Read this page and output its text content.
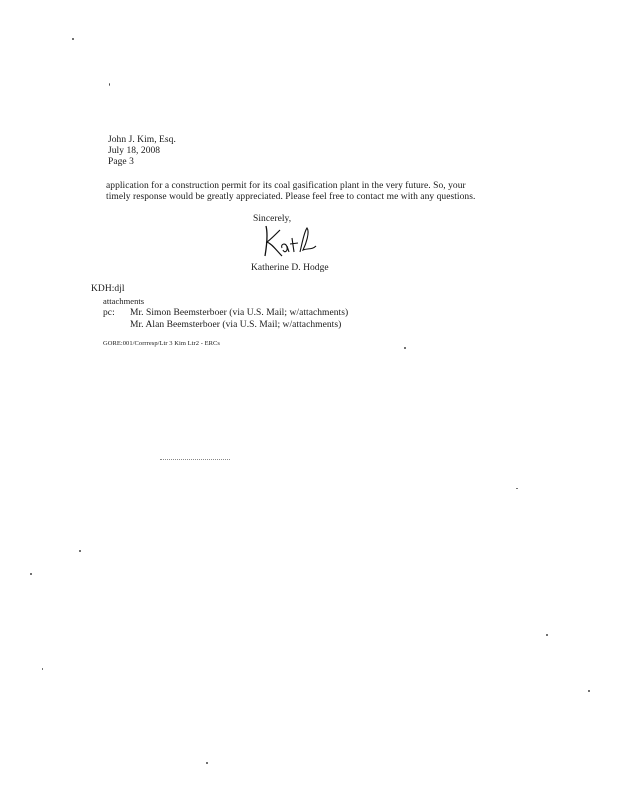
John J. Kim, Esq.
July 18, 2008
Page 3
application for a construction permit for its coal gasification plant in the very future. So, your
timely response would be greatly appreciated. Please feel free to contact me with any questions.
Sincerely,
Katherine D. Hodge
KDH:djl
attachments
pc: Mr. Simon Beemsterboer (via U.S. Mail; w/attachments)
Mr. Alan Beemsterboer (via U.S. Mail; w/attachments)
GORE:001/Corrresp/Ltr 3 Kim Ltr2 - ERCs
